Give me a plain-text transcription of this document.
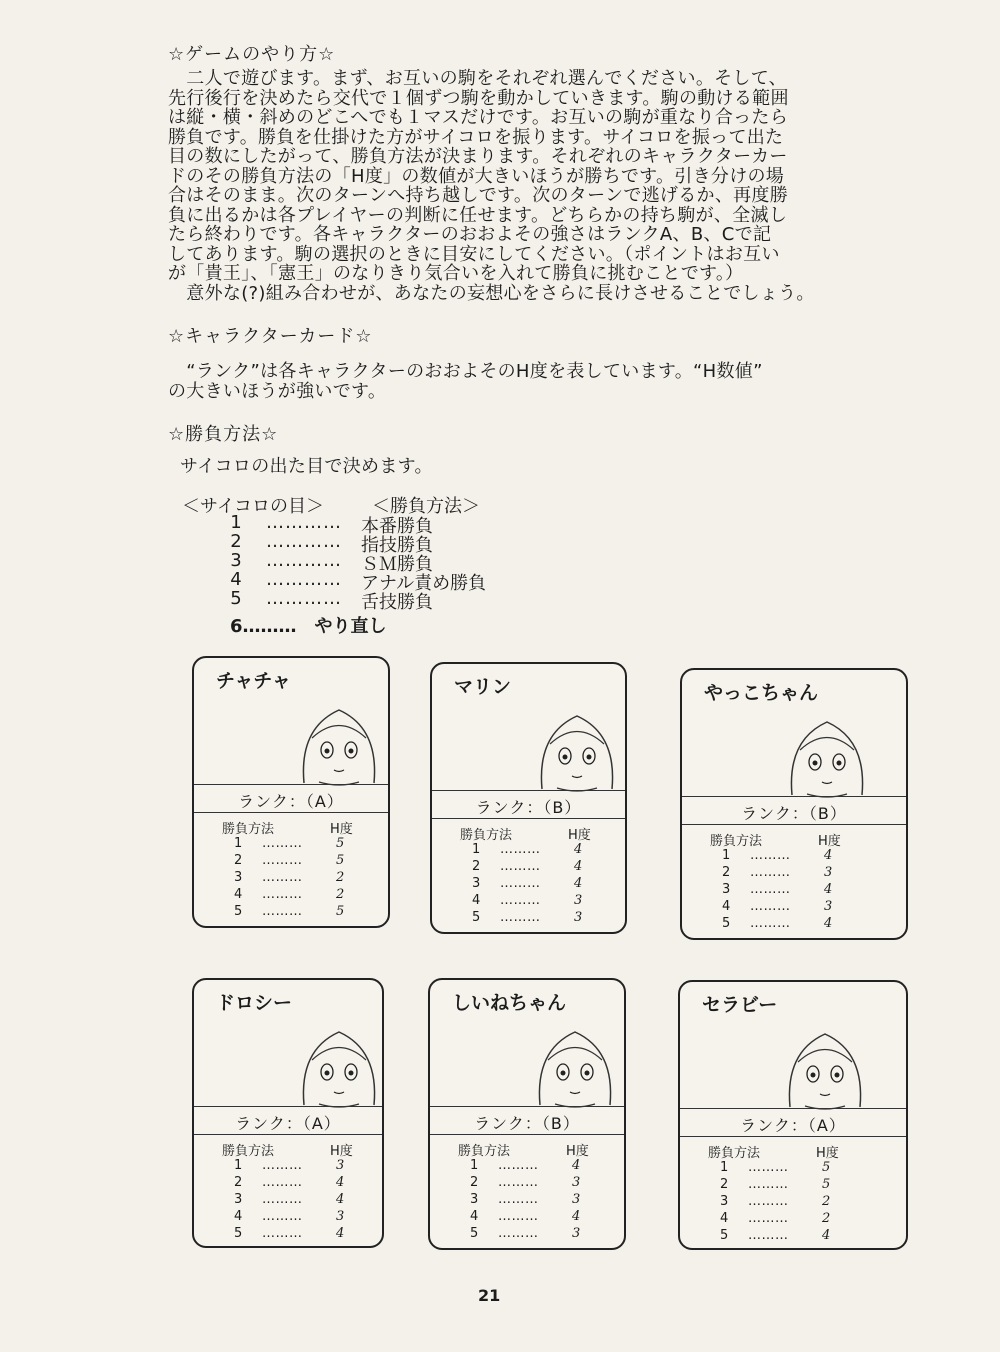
☆ゲームのやり方☆
　二人で遊びます。まず、お互いの駒をそれぞれ選んでください。そして、
先行後行を決めたら交代で１個ずつ駒を動かしていきます。駒の動ける範囲
は縦・横・斜めのどこへでも１マスだけです。お互いの駒が重なり合ったら
勝負です。勝負を仕掛けた方がサイコロを振ります。サイコロを振って出た
目の数にしたがって、勝負方法が決まります。それぞれのキャラクターカー
ドのその勝負方法の「H度」の数値が大きいほうが勝ちです。引き分けの場
合はそのまま。次のターンへ持ち越しです。次のターンで逃げるか、再度勝
負に出るかは各プレイヤーの判断に任せます。どちらかの持ち駒が、全滅し
たら終わりです。各キャラクターのおおよその強さはランクA、B、Cで記
してあります。駒の選択のときに目安にしてください。（ポイントはお互い
が「貴王」、「憲王」のなりきり気合いを入れて勝負に挑むことです。）
　意外な(?)組み合わせが、あなたの妄想心をさらに長けさせることでしょう。
☆キャラクターカード☆
　“ランク”は各キャラクターのおおよそのH度を表しています。“H数値”
の大きいほうが強いです。
☆勝負方法☆
サイコロの出た目で決めます。
＜サイコロの目＞	＜勝負方法＞
1 ………… 本番勝負
2 ………… 指技勝負
3 ………… ＳＭ勝負
4 ………… アナル責め勝負
5 ………… 舌技勝負
6………　やり直し
チャチャ
ランク：（A）
勝負方法	H度
1 ………	5
2 ………	5
3 ………	2
4 ………	2
5 ………	5
マリン
ランク：（B）
勝負方法	H度
1 ………	4
2 ………	4
3 ………	4
4 ………	3
5 ………	3
やっこちゃん
ランク：（B）
勝負方法	H度
1 ………	4
2 ………	3
3 ………	4
4 ………	3
5 ………	4
ドロシー
ランク：（A）
勝負方法	H度
1 ………	3
2 ………	4
3 ………	4
4 ………	3
5 ………	4
しいねちゃん
ランク：（B）
勝負方法	H度
1 ………	4
2 ………	3
3 ………	3
4 ………	4
5 ………	3
セラビー
ランク：（A）
勝負方法	H度
1 ………	5
2 ………	5
3 ………	2
4 ………	2
5 ………	4
21
